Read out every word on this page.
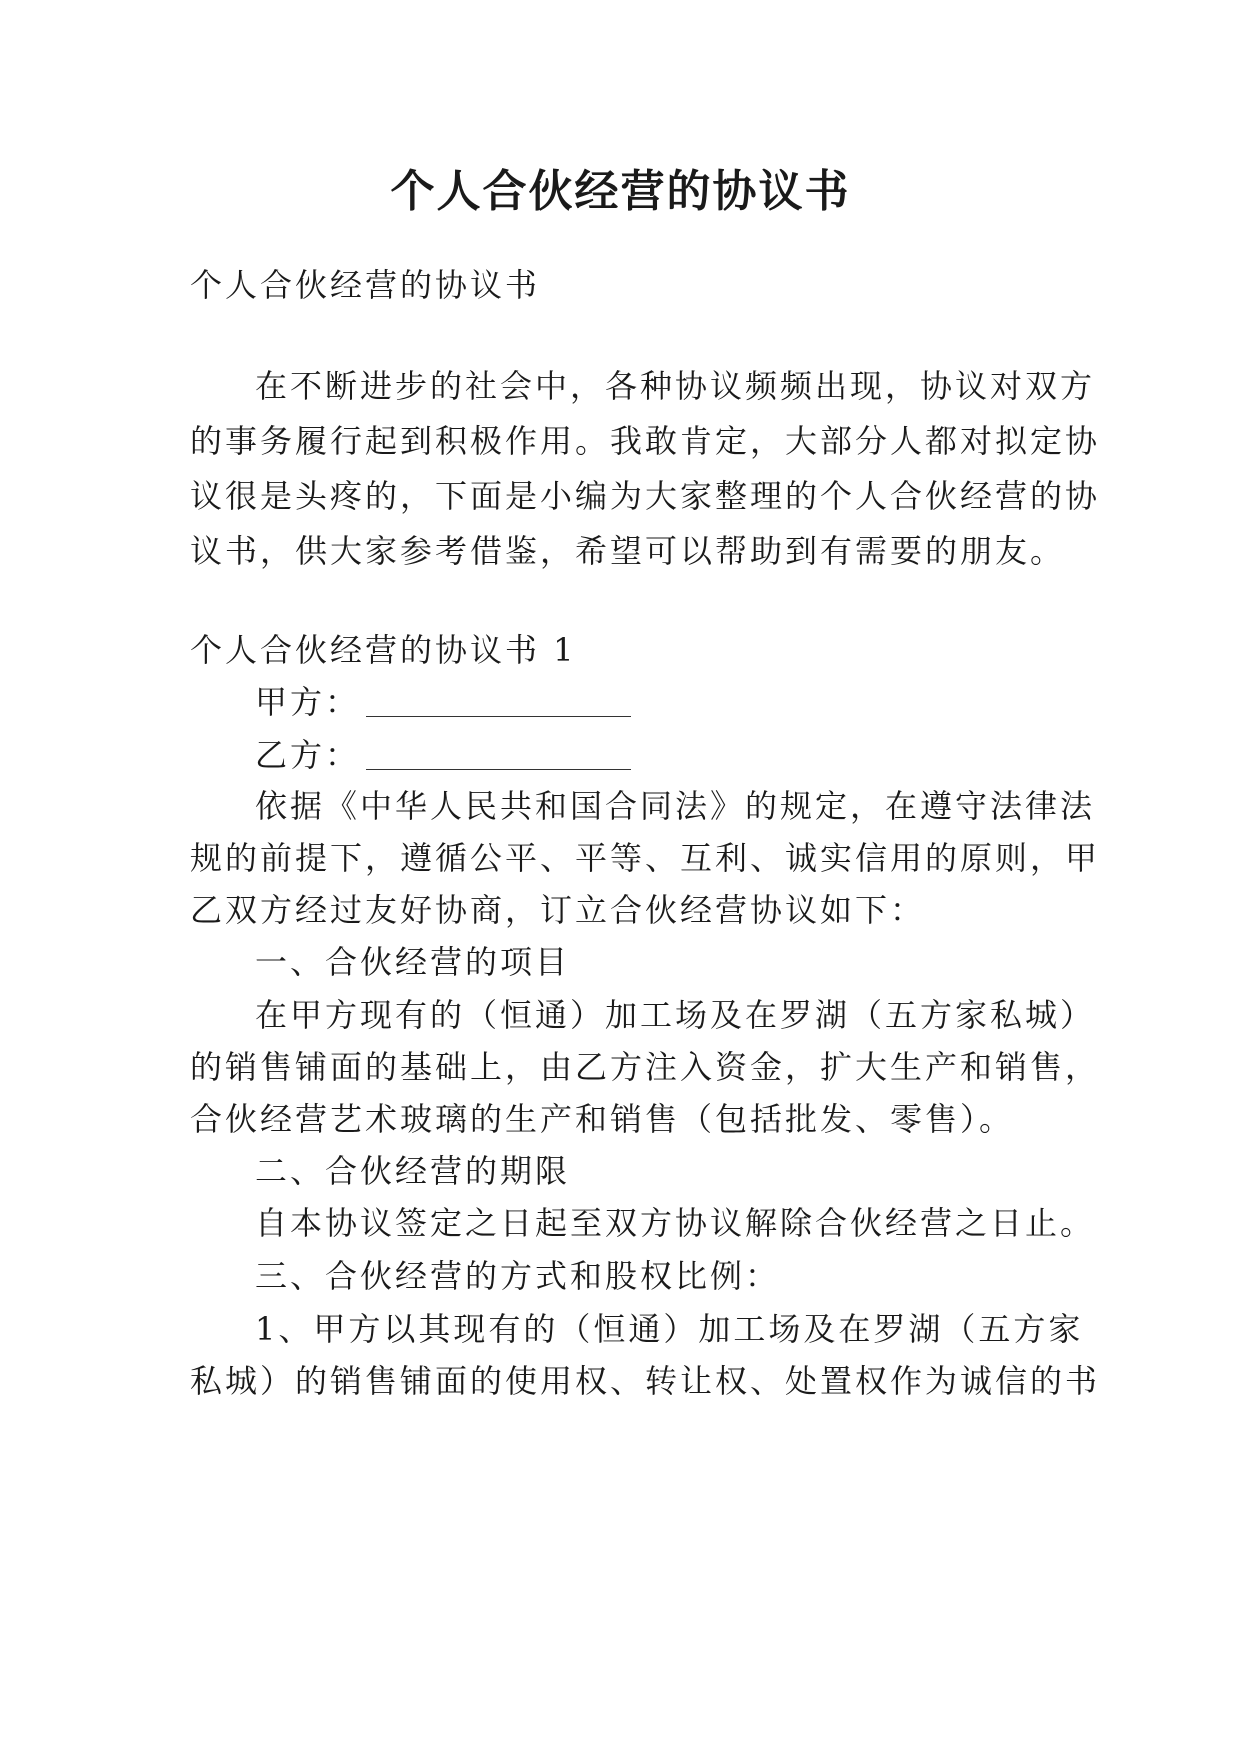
个人合伙经营的协议书
个人合伙经营的协议书
在不断进步的社会中，各种协议频频出现，协议对双方
的事务履行起到积极作用。我敢肯定，大部分人都对拟定协
议很是头疼的，下面是小编为大家整理的个人合伙经营的协
议书，供大家参考借鉴，希望可以帮助到有需要的朋友。
个人合伙经营的协议书 1
甲方：
乙方：
依据《中华人民共和国合同法》的规定，在遵守法律法
规的前提下，遵循公平、平等、互利、诚实信用的原则，甲
乙双方经过友好协商，订立合伙经营协议如下：
一、合伙经营的项目
在甲方现有的（恒通）加工场及在罗湖（五方家私城）
的销售铺面的基础上，由乙方注入资金，扩大生产和销售，
合伙经营艺术玻璃的生产和销售（包括批发、零售）。
二、合伙经营的期限
自本协议签定之日起至双方协议解除合伙经营之日止。
三、合伙经营的方式和股权比例：
1、甲方以其现有的（恒通）加工场及在罗湖（五方家
私城）的销售铺面的使用权、转让权、处置权作为诚信的书
